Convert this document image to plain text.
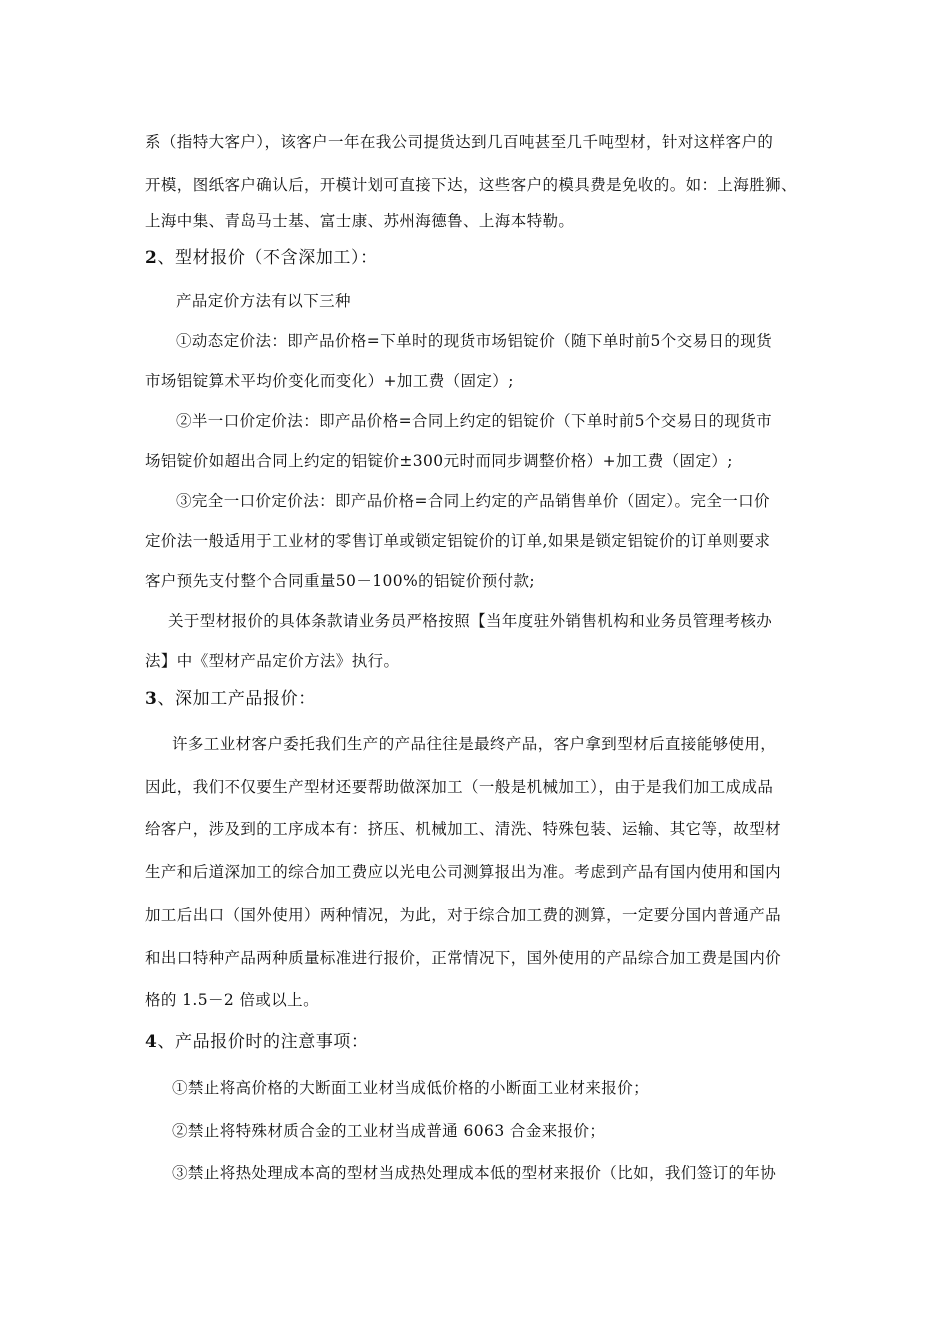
系（指特大客户），该客户一年在我公司提货达到几百吨甚至几千吨型材，针对这样客户的
开模，图纸客户确认后，开模计划可直接下达，这些客户的模具费是免收的。如：上海胜狮、
上海中集、青岛马士基、富士康、苏州海德鲁、上海本特勒。
2、型材报价（不含深加工）：
产品定价方法有以下三种
①动态定价法：即产品价格=下单时的现货市场铝锭价（随下单时前5个交易日的现货
市场铝锭算术平均价变化而变化）+加工费（固定）;
②半一口价定价法：即产品价格=合同上约定的铝锭价（下单时前5个交易日的现货市
场铝锭价如超出合同上约定的铝锭价±300元时而同步调整价格）+加工费（固定）;
③完全一口价定价法：即产品价格=合同上约定的产品销售单价（固定）。完全一口价
定价法一般适用于工业材的零售订单或锁定铝锭价的订单,如果是锁定铝锭价的订单则要求
客户预先支付整个合同重量50－100%的铝锭价预付款;
关于型材报价的具体条款请业务员严格按照【当年度驻外销售机构和业务员管理考核办
法】中《型材产品定价方法》执行。
3、深加工产品报价：
许多工业材客户委托我们生产的产品往往是最终产品，客户拿到型材后直接能够使用，
因此，我们不仅要生产型材还要帮助做深加工（一般是机械加工），由于是我们加工成成品
给客户，涉及到的工序成本有：挤压、机械加工、清洗、特殊包装、运输、其它等，故型材
生产和后道深加工的综合加工费应以光电公司测算报出为准。考虑到产品有国内使用和国内
加工后出口（国外使用）两种情况，为此，对于综合加工费的测算，一定要分国内普通产品
和出口特种产品两种质量标准进行报价，正常情况下，国外使用的产品综合加工费是国内价
格的 1.5－2 倍或以上。
4、产品报价时的注意事项：
①禁止将高价格的大断面工业材当成低价格的小断面工业材来报价；
②禁止将特殊材质合金的工业材当成普通 6063 合金来报价；
③禁止将热处理成本高的型材当成热处理成本低的型材来报价（比如，我们签订的年协
